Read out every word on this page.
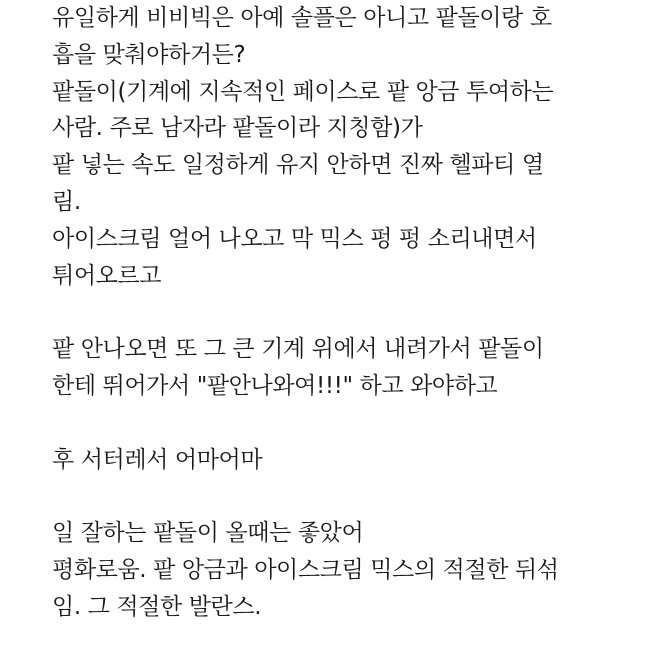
유일하게 비비빅은 아예 솔플은 아니고 팥돌이랑 호
흡을 맞춰야하거든?
팥돌이(기계에 지속적인 페이스로 팥 앙금 투여하는
사람. 주로 남자라 팥돌이라 지칭함)가
팥 넣는 속도 일정하게 유지 안하면 진짜 헬파티 열
림.
아이스크림 얼어 나오고 막 믹스 펑 펑 소리내면서
튀어오르고
팥 안나오면 또 그 큰 기계 위에서 내려가서 팥돌이
한테 뛰어가서 "팥안나와여!!!" 하고 와야하고
후 서터레서 어마어마
일 잘하는 팥돌이 올때는 좋았어
평화로움. 팥 앙금과 아이스크림 믹스의 적절한 뒤섞
임. 그 적절한 발란스.
